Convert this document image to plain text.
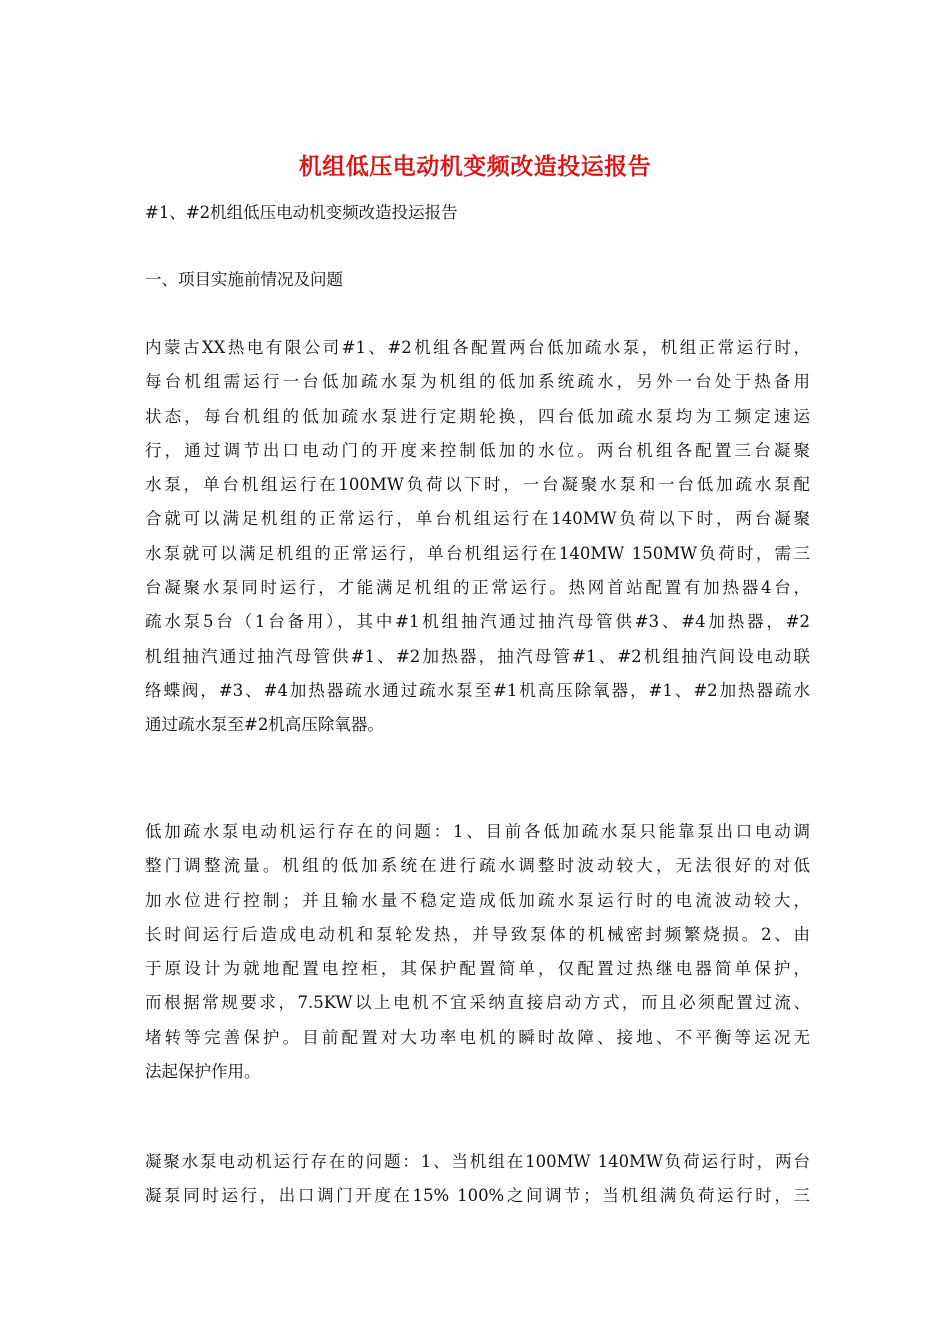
机组低压电动机变频改造投运报告
#1、#2机组低压电动机变频改造投运报告
一、项目实施前情况及问题
内蒙古XX热电有限公司#1、#2机组各配置两台低加疏水泵，机组正常运行时，
每台机组需运行一台低加疏水泵为机组的低加系统疏水，另外一台处于热备用
状态，每台机组的低加疏水泵进行定期轮换，四台低加疏水泵均为工频定速运
行，通过调节出口电动门的开度来控制低加的水位。两台机组各配置三台凝聚
水泵，单台机组运行在100MW负荷以下时，一台凝聚水泵和一台低加疏水泵配
合就可以满足机组的正常运行，单台机组运行在140MW负荷以下时，两台凝聚
水泵就可以满足机组的正常运行，单台机组运行在140MW 150MW负荷时，需三
台凝聚水泵同时运行，才能满足机组的正常运行。热网首站配置有加热器4台，
疏水泵5台（1台备用），其中#1机组抽汽通过抽汽母管供#3、#4加热器，#2
机组抽汽通过抽汽母管供#1、#2加热器，抽汽母管#1、#2机组抽汽间设电动联
络蝶阀，#3、#4加热器疏水通过疏水泵至#1机高压除氧器，#1、#2加热器疏水
通过疏水泵至#2机高压除氧器。
低加疏水泵电动机运行存在的问题：1、目前各低加疏水泵只能靠泵出口电动调
整门调整流量。机组的低加系统在进行疏水调整时波动较大，无法很好的对低
加水位进行控制；并且输水量不稳定造成低加疏水泵运行时的电流波动较大，
长时间运行后造成电动机和泵轮发热，并导致泵体的机械密封频繁烧损。2、由
于原设计为就地配置电控柜，其保护配置简单，仅配置过热继电器简单保护，
而根据常规要求，7.5KW以上电机不宜采纳直接启动方式，而且必须配置过流、
堵转等完善保护。目前配置对大功率电机的瞬时故障、接地、不平衡等运况无
法起保护作用。
凝聚水泵电动机运行存在的问题：1、当机组在100MW 140MW负荷运行时，两台
凝泵同时运行，出口调门开度在15% 100%之间调节；当机组满负荷运行时，三
